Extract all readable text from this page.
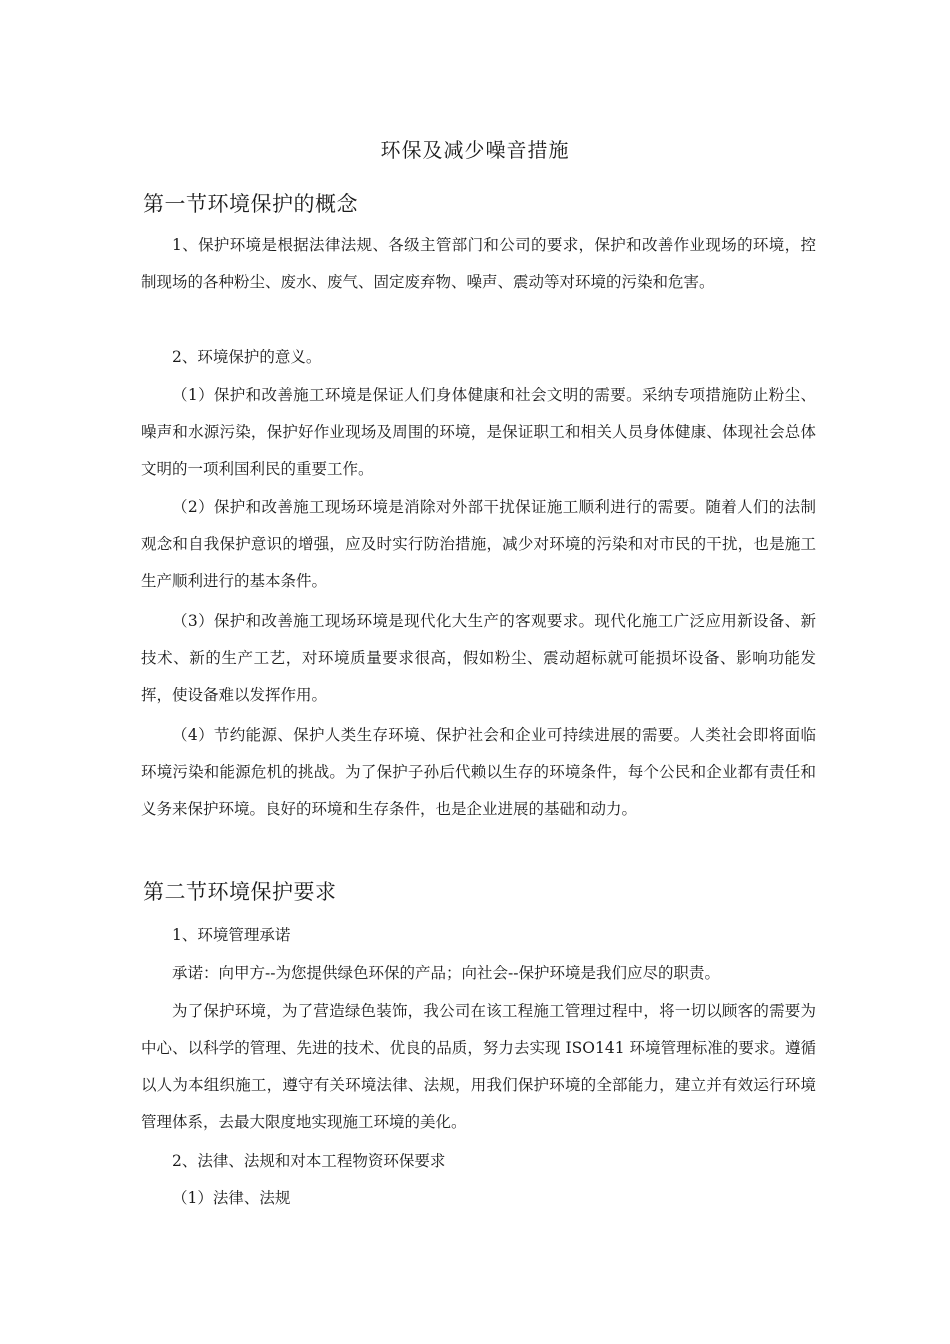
环保及减少噪音措施
第一节环境保护的概念

1、保护环境是根据法律法规、各级主管部门和公司的要求，保护和改善作业现场的环境，控制现场的各种粉尘、废水、废气、固定废弃物、噪声、震动等对环境的污染和危害。

2、环境保护的意义。

（1）保护和改善施工环境是保证人们身体健康和社会文明的需要。采纳专项措施防止粉尘、噪声和水源污染，保护好作业现场及周围的环境，是保证职工和相关人员身体健康、体现社会总体文明的一项利国利民的重要工作。

（2）保护和改善施工现场环境是消除对外部干扰保证施工顺利进行的需要。随着人们的法制观念和自我保护意识的增强，应及时实行防治措施，减少对环境的污染和对市民的干扰，也是施工生产顺利进行的基本条件。

（3）保护和改善施工现场环境是现代化大生产的客观要求。现代化施工广泛应用新设备、新技术、新的生产工艺，对环境质量要求很高，假如粉尘、震动超标就可能损坏设备、影响功能发挥，使设备难以发挥作用。

（4）节约能源、保护人类生存环境、保护社会和企业可持续进展的需要。人类社会即将面临环境污染和能源危机的挑战。为了保护子孙后代赖以生存的环境条件，每个公民和企业都有责任和义务来保护环境。良好的环境和生存条件，也是企业进展的基础和动力。

第二节环境保护要求

1、环境管理承诺

承诺：向甲方--为您提供绿色环保的产品；向社会--保护环境是我们应尽的职责。

为了保护环境，为了营造绿色装饰，我公司在该工程施工管理过程中，将一切以顾客的需要为中心、以科学的管理、先进的技术、优良的品质，努力去实现 ISO141 环境管理标准的要求。遵循以人为本组织施工，遵守有关环境法律、法规，用我们保护环境的全部能力，建立并有效运行环境管理体系，去最大限度地实现施工环境的美化。

2、法律、法规和对本工程物资环保要求

（1）法律、法规
